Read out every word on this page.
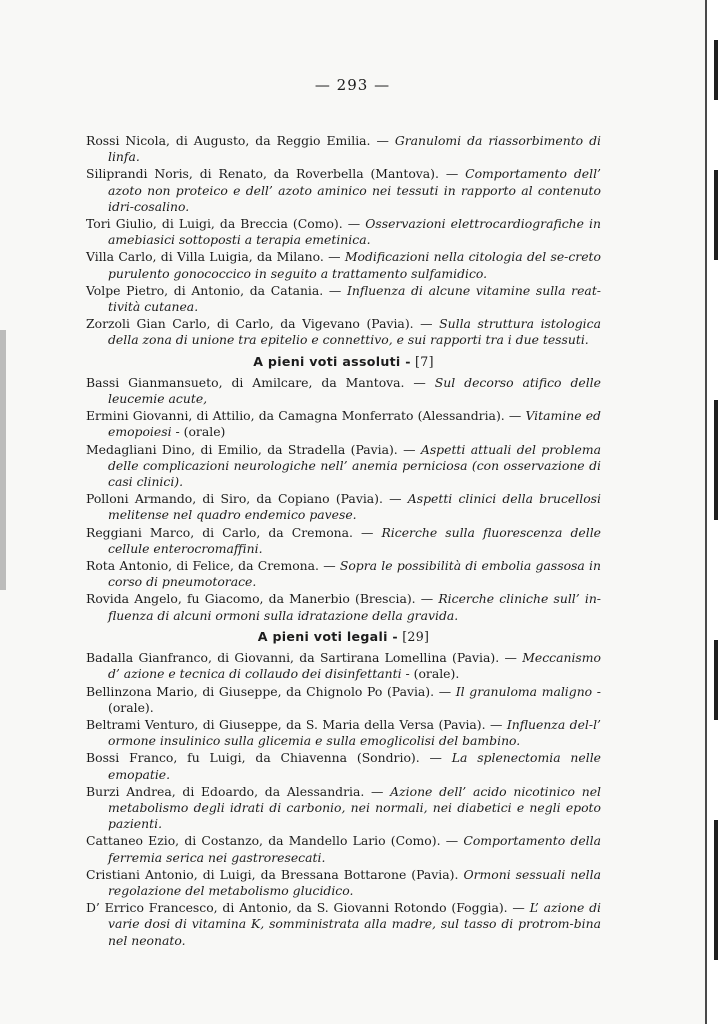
— 293 —
Rossi Nicola, di Augusto, da Reggio Emilia. — Granulomi da riassorbimento di linfa.
Siliprandi Noris, di Renato, da Roverbella (Mantova). — Comportamento dell’ azoto non proteico e dell’ azoto aminico nei tessuti in rapporto al contenuto idri-cosalino.
Tori Giulio, di Luigi, da Breccia (Como). — Osservazioni elettrocardiografiche in amebiasici sottoposti a terapia emetinica.
Villa Carlo, di Villa Luigia, da Milano. — Modificazioni nella citologia del se-creto purulento gonococcico in seguito a trattamento sulfamidico.
Volpe Pietro, di Antonio, da Catania. — Influenza di alcune vitamine sulla reat-tività cutanea.
Zorzoli Gian Carlo, di Carlo, da Vigevano (Pavia). — Sulla struttura istologica della zona di unione tra epitelio e connettivo, e sui rapporti tra i due tessuti.
A pieni voti assoluti - [7]
Bassi Gianmansueto, di Amilcare, da Mantova. — Sul decorso atifico delle leucemie acute,
Ermini Giovanni, di Attilio, da Camagna Monferrato (Alessandria). — Vitamine ed emopoiesi - (orale)
Medagliani Dino, di Emilio, da Stradella (Pavia). — Aspetti attuali del problema delle complicazioni neurologiche nell’ anemia perniciosa (con osservazione di casi clinici).
Polloni Armando, di Siro, da Copiano (Pavia). — Aspetti clinici della brucellosi melitense nel quadro endemico pavese.
Reggiani Marco, di Carlo, da Cremona. — Ricerche sulla fluorescenza delle cellule enterocromaffini.
Rota Antonio, di Felice, da Cremona. — Sopra le possibilità di embolia gassosa in corso di pneumotorace.
Rovida Angelo, fu Giacomo, da Manerbio (Brescia). — Ricerche cliniche sull’ in-fluenza di alcuni ormoni sulla idratazione della gravida.
A pieni voti legali - [29]
Badalla Gianfranco, di Giovanni, da Sartirana Lomellina (Pavia). — Meccanismo d’ azione e tecnica di collaudo dei disinfettanti - (orale).
Bellinzona Mario, di Giuseppe, da Chignolo Po (Pavia). — Il granuloma maligno - (orale).
Beltrami Venturo, di Giuseppe, da S. Maria della Versa (Pavia). — Influenza del-l’ ormone insulinico sulla glicemia e sulla emoglicolisi del bambino.
Bossi Franco, fu Luigi, da Chiavenna (Sondrio). — La splenectomia nelle emopatie.
Burzi Andrea, di Edoardo, da Alessandria. — Azione dell’ acido nicotinico nel metabolismo degli idrati di carbonio, nei normali, nei diabetici e negli epoto pazienti.
Cattaneo Ezio, di Costanzo, da Mandello Lario (Como). — Comportamento della ferremia serica nei gastroresecati.
Cristiani Antonio, di Luigi, da Bressana Bottarone (Pavia). Ormoni sessuali nella regolazione del metabolismo glucidico.
D’ Errico Francesco, di Antonio, da S. Giovanni Rotondo (Foggia). — L’ azione di varie dosi di vitamina K, somministrata alla madre, sul tasso di protrom-bina nel neonato.
